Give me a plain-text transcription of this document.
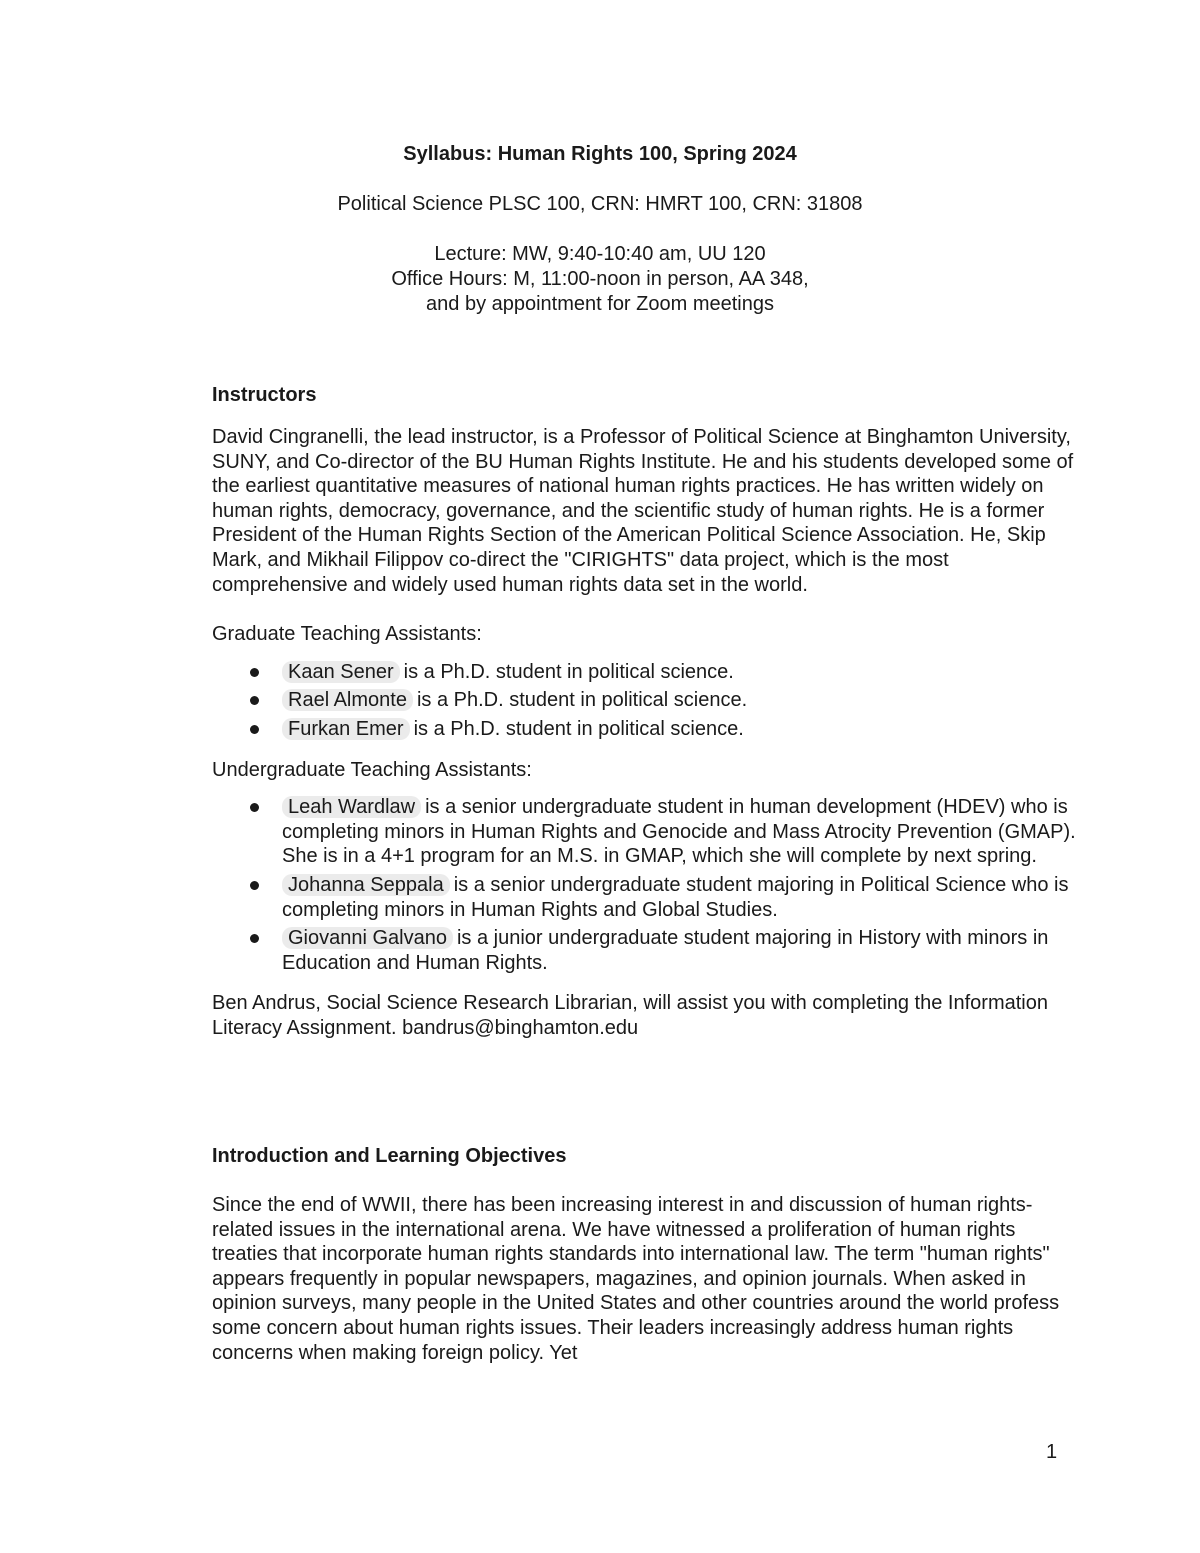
Syllabus: Human Rights 100, Spring 2024
Political Science PLSC 100, CRN: HMRT 100, CRN: 31808
Lecture: MW, 9:40-10:40 am, UU 120
Office Hours: M, 11:00-noon in person, AA 348,
and by appointment for Zoom meetings
Instructors

David Cingranelli, the lead instructor, is a Professor of Political Science at Binghamton University, SUNY, and Co-director of the BU Human Rights Institute. He and his students developed some of the earliest quantitative measures of national human rights practices. He has written widely on human rights, democracy, governance, and the scientific study of human rights. He is a former President of the Human Rights Section of the American Political Science Association. He, Skip Mark, and Mikhail Filippov co-direct the "CIRIGHTS" data project, which is the most comprehensive and widely used human rights data set in the world.

Graduate Teaching Assistants:

Kaan Sener is a Ph.D. student in political science.
Rael Almonte is a Ph.D. student in political science.
Furkan Emer is a Ph.D. student in political science.

Undergraduate Teaching Assistants:

Leah Wardlaw is a senior undergraduate student in human development (HDEV) who is completing minors in Human Rights and Genocide and Mass Atrocity Prevention (GMAP). She is in a 4+1 program for an M.S. in GMAP, which she will complete by next spring.
Johanna Seppala is a senior undergraduate student majoring in Political Science who is completing minors in Human Rights and Global Studies.
Giovanni Galvano is a junior undergraduate student majoring in History with minors in Education and Human Rights.

Ben Andrus, Social Science Research Librarian, will assist you with completing the Information Literacy Assignment. bandrus@binghamton.edu

Introduction and Learning Objectives

Since the end of WWII, there has been increasing interest in and discussion of human rights-related issues in the international arena. We have witnessed a proliferation of human rights treaties that incorporate human rights standards into international law. The term "human rights" appears frequently in popular newspapers, magazines, and opinion journals. When asked in opinion surveys, many people in the United States and other countries around the world profess some concern about human rights issues. Their leaders increasingly address human rights concerns when making foreign policy. Yet

1
